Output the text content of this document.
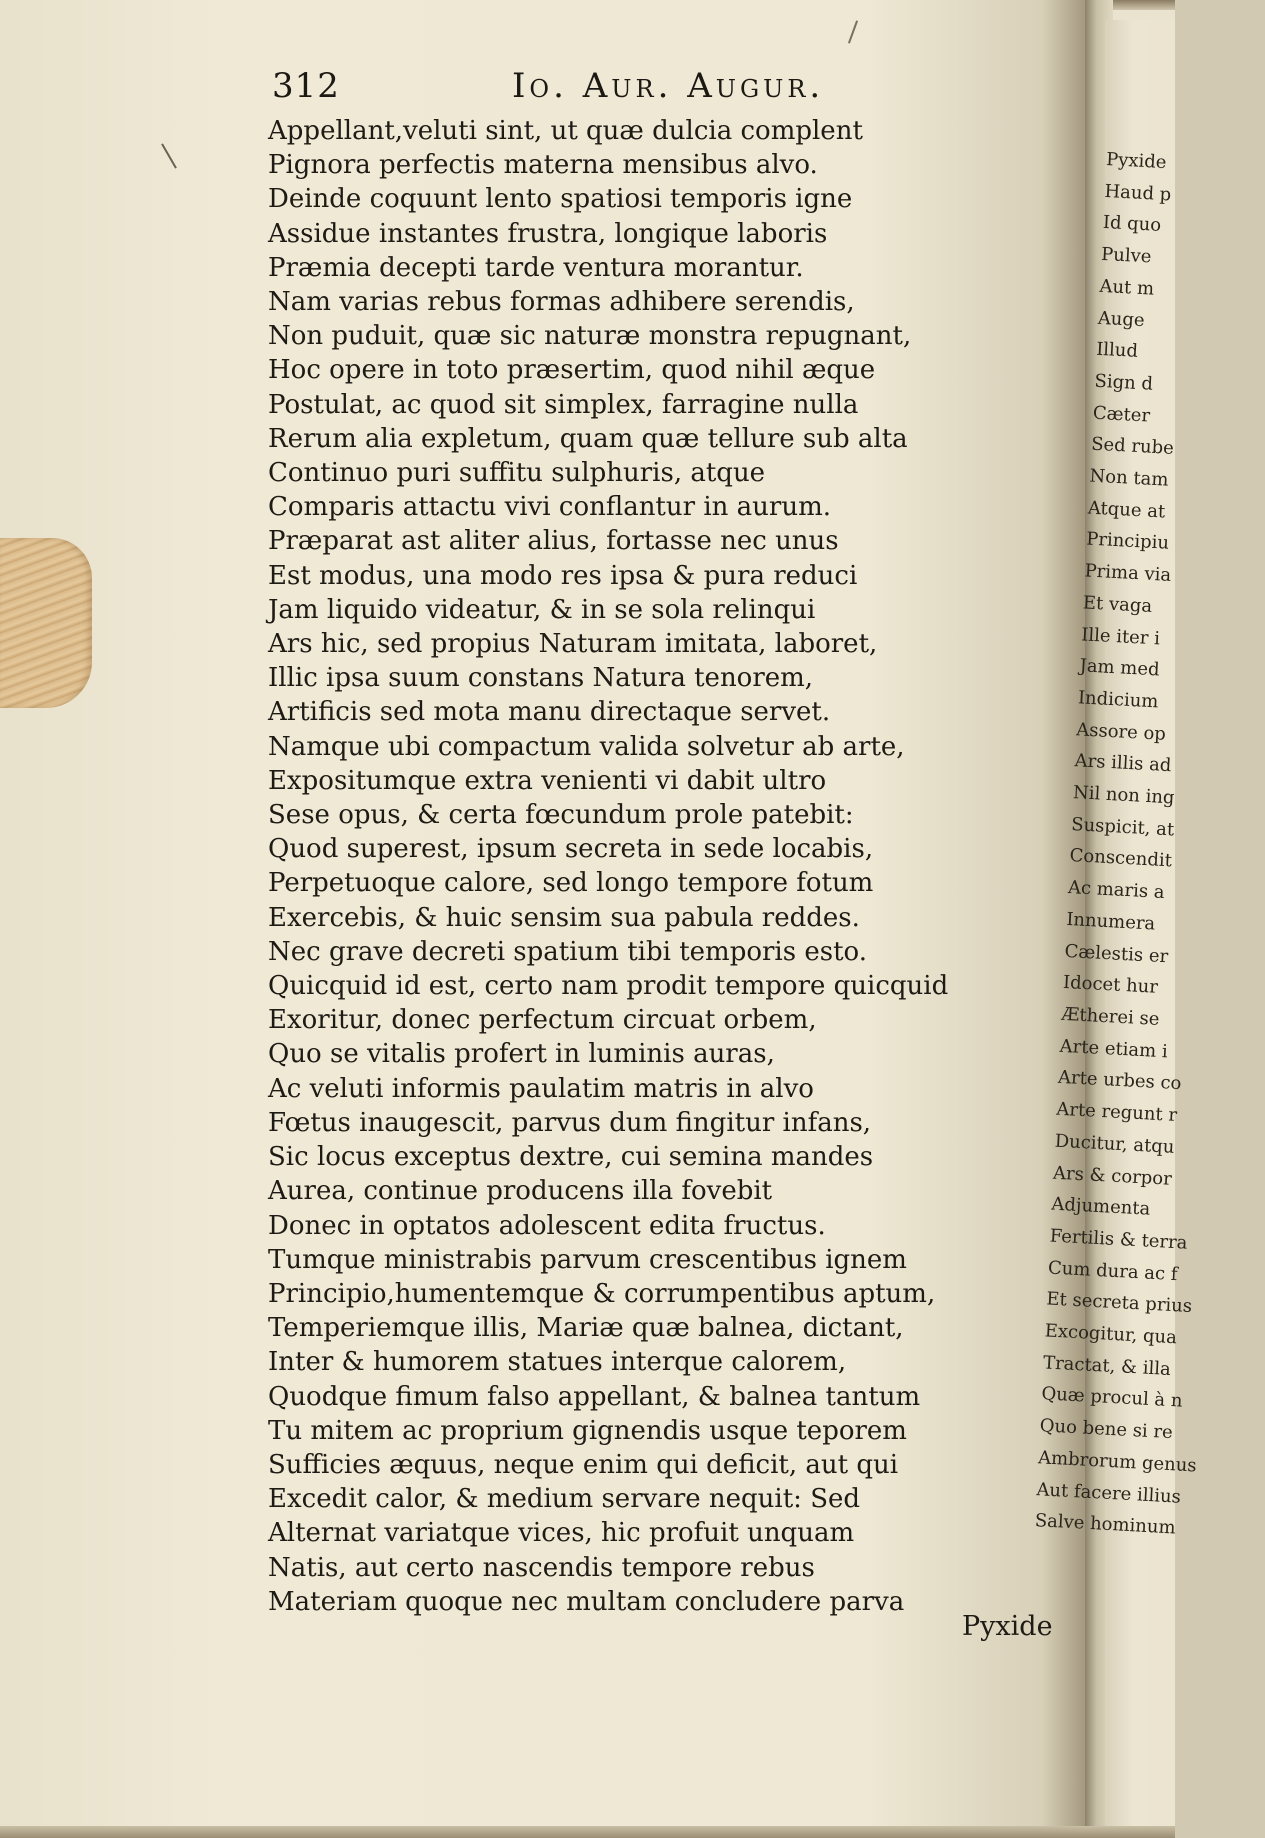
312	Io. Aur. Augur.
Appellant,veluti sint, ut quæ dulcia complent
Pignora perfectis materna mensibus alvo.
Deinde coquunt lento spatiosi temporis igne
Assidue instantes frustra, longique laboris
Præmia decepti tarde ventura morantur.
Nam varias rebus formas adhibere serendis,
Non puduit, quæ sic naturæ monstra repugnant,
Hoc opere in toto præsertim, quod nihil æque
Postulat, ac quod sit simplex, farragine nulla
Rerum alia expletum, quam quæ tellure sub alta
Continuo puri suffitu sulphuris, atque
Comparis attactu vivi conflantur in aurum.
Præparat ast aliter alius, fortasse nec unus
Est modus, una modo res ipsa & pura reduci
Jam liquido videatur, & in se sola relinqui
Ars hic, sed propius Naturam imitata, laboret,
Illic ipsa suum constans Natura tenorem,
Artificis sed mota manu directaque servet.
Namque ubi compactum valida solvetur ab arte,
Expositumque extra venienti vi dabit ultro
Sese opus, & certa fœcundum prole patebit:
Quod superest, ipsum secreta in sede locabis,
Perpetuoque calore, sed longo tempore fotum
Exercebis, & huic sensim sua pabula reddes.
Nec grave decreti spatium tibi temporis esto.
Quicquid id est, certo nam prodit tempore quicquid
Exoritur, donec perfectum circuat orbem,
Quo se vitalis profert in luminis auras,
Ac veluti informis paulatim matris in alvo
Fœtus inaugescit, parvus dum fingitur infans,
Sic locus exceptus dextre, cui semina mandes
Aurea, continue producens illa fovebit
Donec in optatos adolescent edita fructus.
Tumque ministrabis parvum crescentibus ignem
Principio,humentemque & corrumpentibus aptum,
Temperiemque illis, Mariæ quæ balnea, dictant,
Inter & humorem statues interque calorem,
Quodque fimum falso appellant, & balnea tantum
Tu mitem ac proprium gignendis usque teporem
Sufficies æquus, neque enim qui deficit, aut qui
Excedit calor, & medium servare nequit: Sed
Alternat variatque vices, hic profuit unquam
Natis, aut certo nascendis tempore rebus
Materiam quoque nec multam concludere parva
Pyxide
Pyxide
Haud p
Id quo
Pulve
Aut m
Auge
Illud
Sign d
Cæter
Sed rube
Non tam
Atque at
Principiu
Prima via
Et vaga
Ille iter i
Jam med
Indicium
Assore op
Ars illis ad
Nil non ing
Suspicit, at
Conscendit
Ac maris a
Innumera
Cælestis er
Idocet hur
Ætherei se
Arte etiam i
Arte urbes co
Arte regunt r
Ducitur, atqu
Ars & corpor
Adjumenta
Fertilis & terra
Cum dura ac f
Et secreta prius
Excogitur, qua
Tractat, & illa
Quæ procul à n
Quo bene si re
Ambrorum genus
Aut facere illius
Salve hominum
